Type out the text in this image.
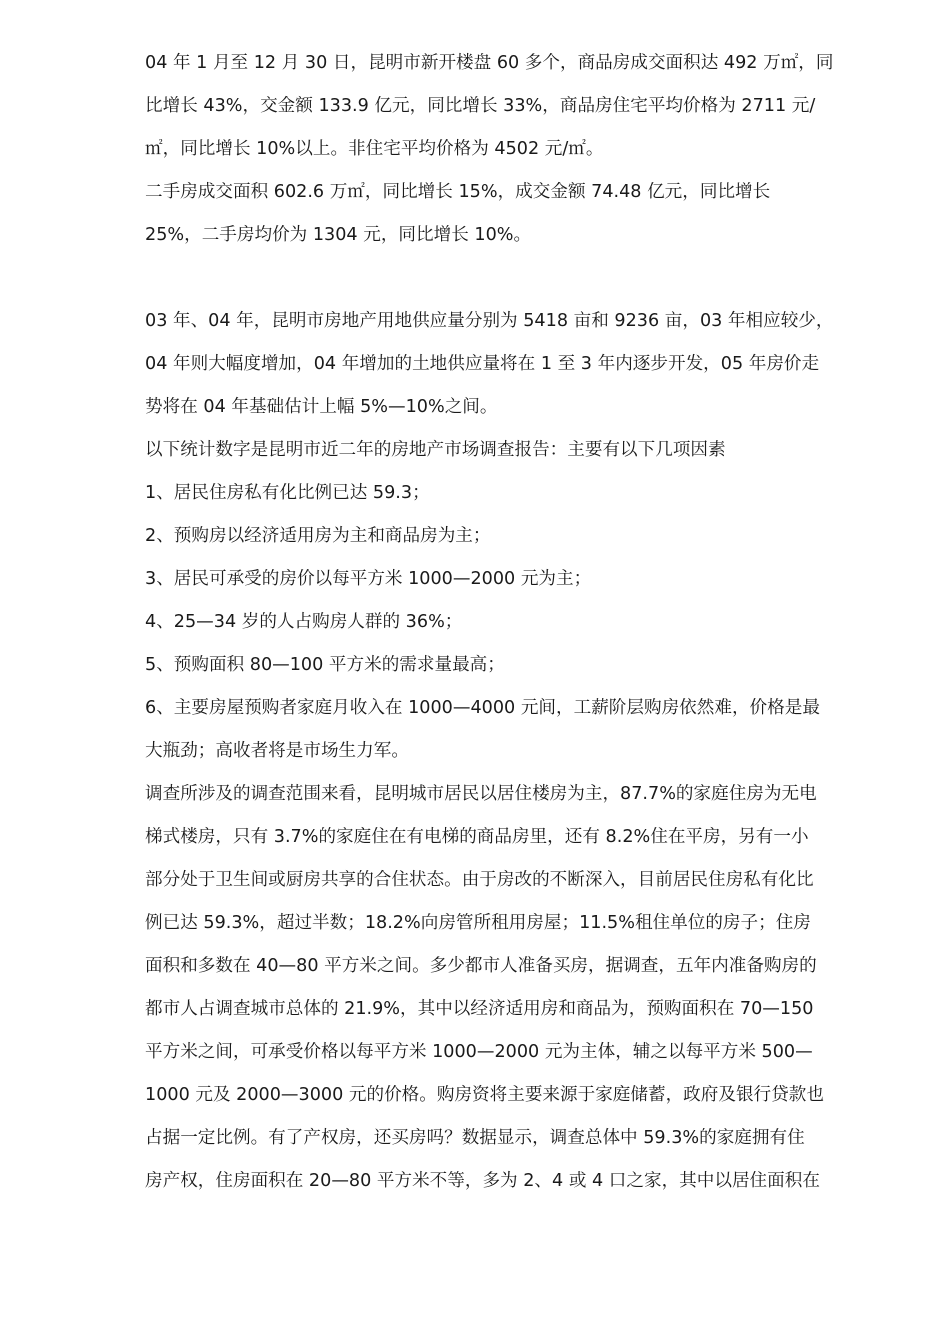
04 年 1 月至 12 月 30 日，昆明市新开楼盘 60 多个，商品房成交面积达 492 万㎡，同
比增长 43%，交金额 133.9 亿元，同比增长 33%，商品房住宅平均价格为 2711 元/
㎡，同比增长 10%以上。非住宅平均价格为 4502 元/㎡。
二手房成交面积 602.6 万㎡，同比增长 15%，成交金额 74.48 亿元，同比增长
25%，二手房均价为 1304 元，同比增长 10%。
03 年、04 年，昆明市房地产用地供应量分别为 5418 亩和 9236 亩，03 年相应较少，
04 年则大幅度增加，04 年增加的土地供应量将在 1 至 3 年内逐步开发，05 年房价走
势将在 04 年基础估计上幅 5%—10%之间。
以下统计数字是昆明市近二年的房地产市场调查报告：主要有以下几项因素
1、居民住房私有化比例已达 59.3；
2、预购房以经济适用房为主和商品房为主；
3、居民可承受的房价以每平方米 1000—2000 元为主；
4、25—34 岁的人占购房人群的 36%；
5、预购面积 80—100 平方米的需求量最高；
6、主要房屋预购者家庭月收入在 1000—4000 元间，工薪阶层购房依然难，价格是最
大瓶劲；高收者将是市场生力军。
调查所涉及的调查范围来看，昆明城市居民以居住楼房为主，87.7%的家庭住房为无电
梯式楼房，只有 3.7%的家庭住在有电梯的商品房里，还有 8.2%住在平房，另有一小
部分处于卫生间或厨房共享的合住状态。由于房改的不断深入，目前居民住房私有化比
例已达 59.3%，超过半数；18.2%向房管所租用房屋；11.5%租住单位的房子；住房
面积和多数在 40—80 平方米之间。多少都市人准备买房，据调查，五年内准备购房的
都市人占调查城市总体的 21.9%，其中以经济适用房和商品为，预购面积在 70—150
平方米之间，可承受价格以每平方米 1000—2000 元为主体，辅之以每平方米 500—
1000 元及 2000—3000 元的价格。购房资将主要来源于家庭储蓄，政府及银行贷款也
占据一定比例。有了产权房，还买房吗？数据显示，调查总体中 59.3%的家庭拥有住
房产权，住房面积在 20—80 平方米不等，多为 2、4 或 4 口之家，其中以居住面积在
